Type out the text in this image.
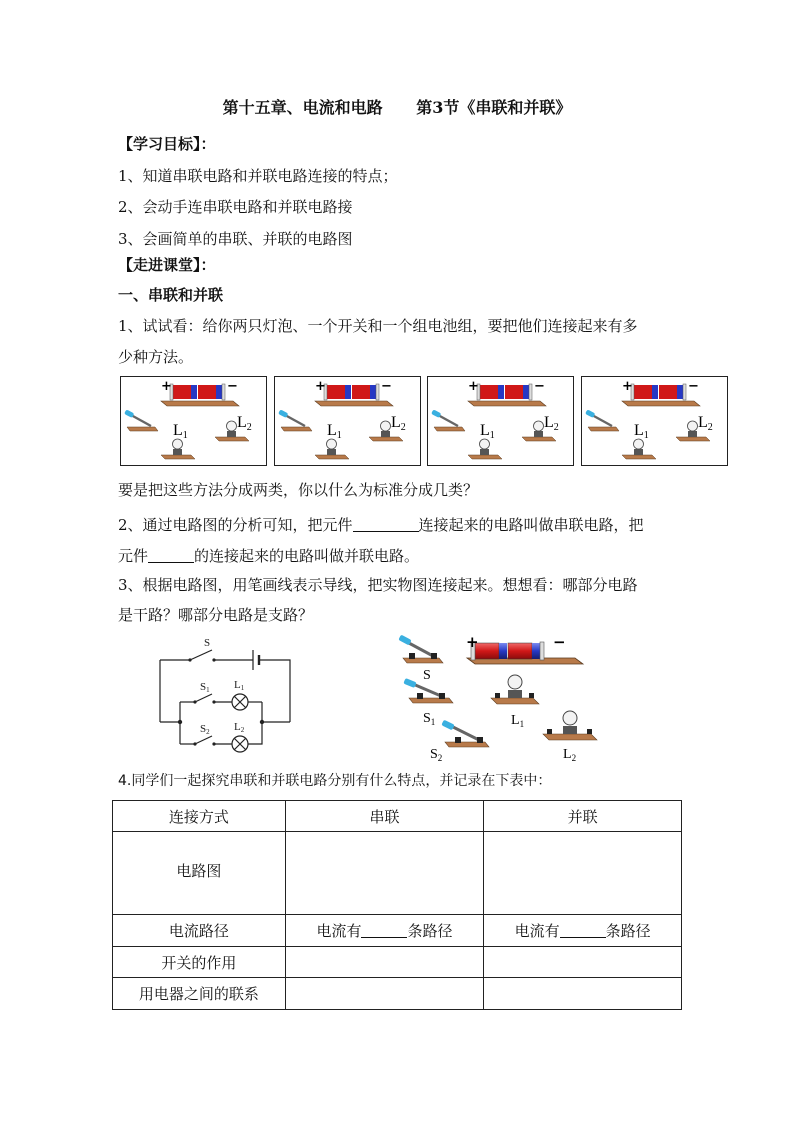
第十五章、电流和电路 第3节《串联和并联》
【学习目标】：
1、知道串联电路和并联电路连接的特点；
2、会动手连串联电路和并联电路接
3、会画简单的串联、并联的电路图
【走进课堂】：
一、串联和并联
1、试试看：给你两只灯泡、一个开关和一个组电池组，要把他们连接起来有多
少种方法。
+	−
L1
L2
+	−
L1
L2
+	−
L1
L2
+	−
L1
L2
要是把这些方法分成两类，你以什么为标准分成几类？
2、通过电路图的分析可知，把元件	连接起来的电路叫做串联电路，把
元件	的连接起来的电路叫做并联电路。
3、根据电路图，用笔画线表示导线，把实物图连接起来。想想看：哪部分电路
是干路？哪部分电路是支路？
S
S1
S2
L1
L2
+	−
S
$S_1$
$S_2$
$L_1$
$L_2$
4.同学们一起探究串联和并联电路分别有什么特点，并记录在下表中：
连接方式	串联	并联
电路图		
电流路径	电流有 条路径	电流有 条路径
开关的作用		
用电器之间的联系		
